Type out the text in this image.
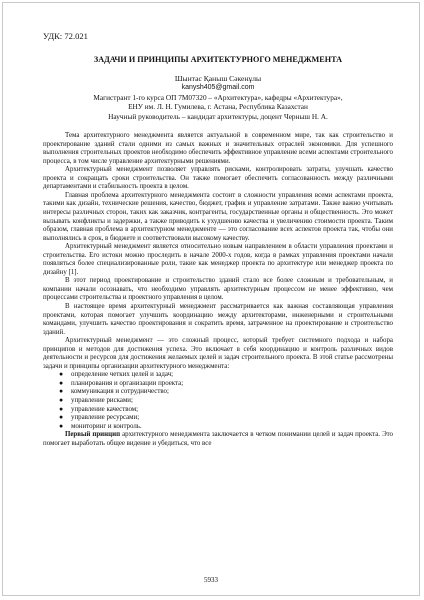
УДК: 72.021
ЗАДАЧИ И ПРИНЦИПЫ АРХИТЕКТУРНОГО МЕНЕДЖМЕНТА
Шынтас Қаныш Сәкенұлы
kanysh405@gmail.com
Магистрант 1-го курса ОП 7М07320 – «Архитектура», кафедры «Архитектура»,
ЕНУ им. Л. Н. Гумилева, г. Астана, Республика Казахстан
Научный руководитель – кандидат архитектуры, доцент Черныш Н. А.

Тема архитектурного менеджмента является актуальной в современном мире, так как строительство и проектирование зданий стали одними из самых важных и значительных отраслей экономики. Для успешного выполнения строительных проектов необходимо обеспечить эффективное управление всеми аспектами строительного процесса, в том числе управление архитектурными решениями.

Архитектурный менеджмент позволяет управлять рисками, контролировать затраты, улучшать качество проекта и сокращать сроки строительства. Он также помогает обеспечить согласованность между различными департаментами и стабильность проекта в целом.

Главная проблема архитектурного менеджмента состоит в сложности управления всеми аспектами проекта, такими как дизайн, технические решения, качество, бюджет, график и управление затратами. Также важно учитывать интересы различных сторон, таких как заказчик, контрагенты, государственные органы и общественность. Это может вызывать конфликты и задержки, а также приводить к ухудшению качества и увеличению стоимости проекта. Таким образом, главная проблема в архитектурном менеджменте — это согласование всех аспектов проекта так, чтобы они выполнялись в срок, в бюджете и соответствовали высокому качеству.

Архитектурный менеджмент является относительно новым направлением в области управления проектами и строительства. Его истоки можно проследить в начале 2000-х годов, когда в рамках управления проектами начали появляться более специализированные роли, такие как менеджер проекта по архитектуре или менеджер проекта по дизайну [1].

В этот период проектирование и строительство зданий стало все более сложным и требовательным, и компании начали осознавать, что необходимо управлять архитектурным процессом не менее эффективно, чем процессами строительства и проектного управления в целом.

В настоящее время архитектурный менеджмент рассматривается как важная составляющая управления проектами, которая помогает улучшить координацию между архитекторами, инженерными и строительными командами, улучшить качество проектирования и сократить время, затраченное на проектирование и строительство зданий.

Архитектурный менеджмент — это сложный процесс, который требует системного подхода и набора принципов и методов для достижения успеха. Это включает в себя координацию и контроль различных видов деятельности и ресурсов для достижения желаемых целей и задач строительного проекта. В этой статье рассмотрены задачи и принципы организации архитектурного менеджмента:

● определение четких целей и задач;
● планирования и организации проекта;
● коммуникация и сотрудничество;
● управление рисками;
● управление качеством;
● управление ресурсами;
● мониторинг и контроль.

Первый принцип архитектурного менеджмента заключается в четком понимании целей и задач проекта. Это помогает выработать общее видение и убедиться, что все

5933
